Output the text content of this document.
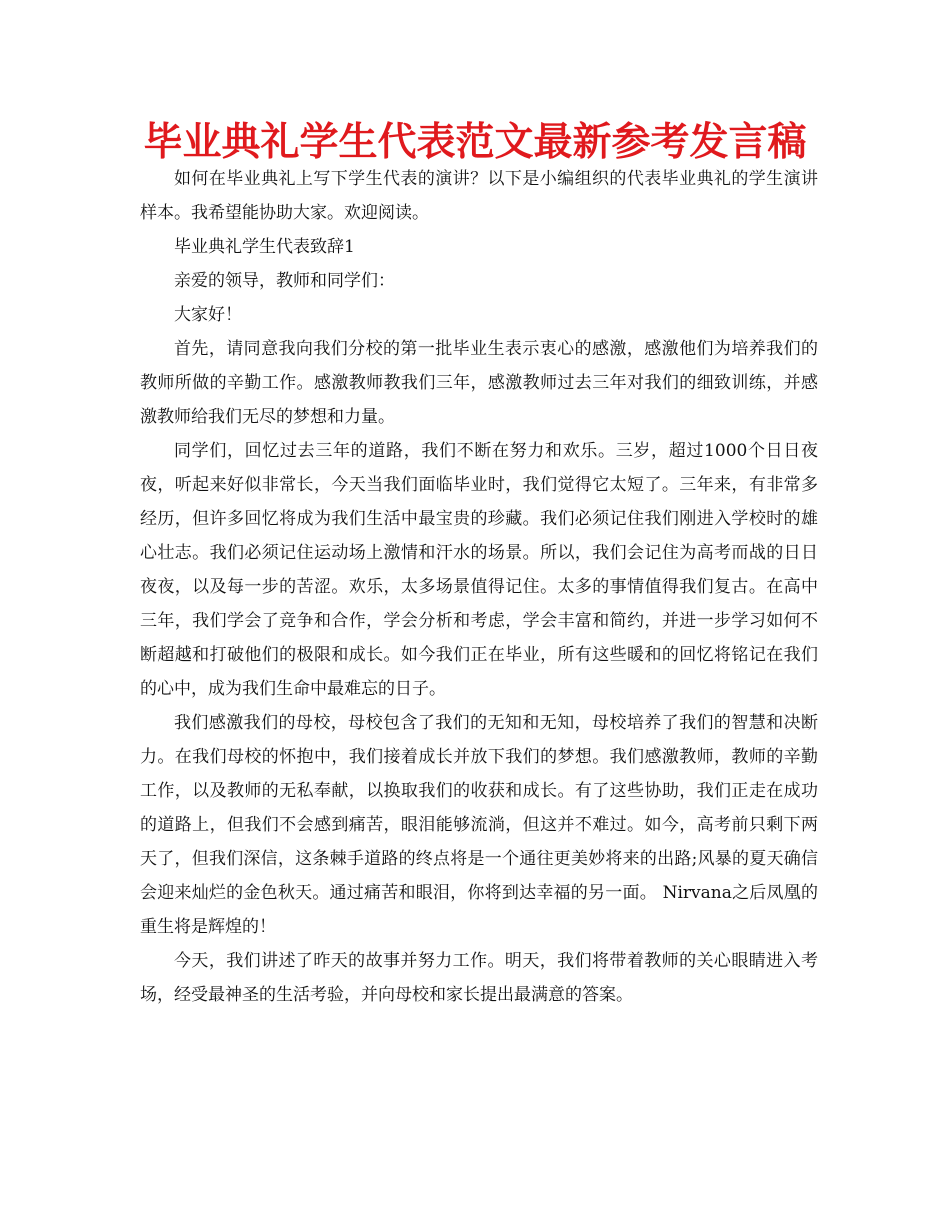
毕业典礼学生代表范文最新参考发言稿

如何在毕业典礼上写下学生代表的演讲？以下是小编组织的代表毕业典礼的学生演讲样本。我希望能协助大家。欢迎阅读。

毕业典礼学生代表致辞1

亲爱的领导，教师和同学们：

大家好！

首先，请同意我向我们分校的第一批毕业生表示衷心的感激，感激他们为培养我们的教师所做的辛勤工作。感激教师教我们三年，感激教师过去三年对我们的细致训练，并感激教师给我们无尽的梦想和力量。

同学们，回忆过去三年的道路，我们不断在努力和欢乐。三岁，超过1000个日日夜夜，听起来好似非常长，今天当我们面临毕业时，我们觉得它太短了。三年来，有非常多经历，但许多回忆将成为我们生活中最宝贵的珍藏。我们必须记住我们刚进入学校时的雄心壮志。我们必须记住运动场上激情和汗水的场景。所以，我们会记住为高考而战的日日夜夜，以及每一步的苦涩。欢乐，太多场景值得记住。太多的事情值得我们复古。在高中三年，我们学会了竞争和合作，学会分析和考虑，学会丰富和简约，并进一步学习如何不断超越和打破他们的极限和成长。如今我们正在毕业，所有这些暖和的回忆将铭记在我们的心中，成为我们生命中最难忘的日子。

我们感激我们的母校，母校包含了我们的无知和无知，母校培养了我们的智慧和决断力。在我们母校的怀抱中，我们接着成长并放下我们的梦想。我们感激教师，教师的辛勤工作，以及教师的无私奉献，以换取我们的收获和成长。有了这些协助，我们正走在成功的道路上，但我们不会感到痛苦，眼泪能够流淌，但这并不难过。如今，高考前只剩下两天了，但我们深信，这条棘手道路的终点将是一个通往更美妙将来的出路;风暴的夏天确信会迎来灿烂的金色秋天。通过痛苦和眼泪，你将到达幸福的另一面。 Nirvana之后凤凰的重生将是辉煌的！

今天，我们讲述了昨天的故事并努力工作。明天，我们将带着教师的关心眼睛进入考场，经受最神圣的生活考验，并向母校和家长提出最满意的答案。
